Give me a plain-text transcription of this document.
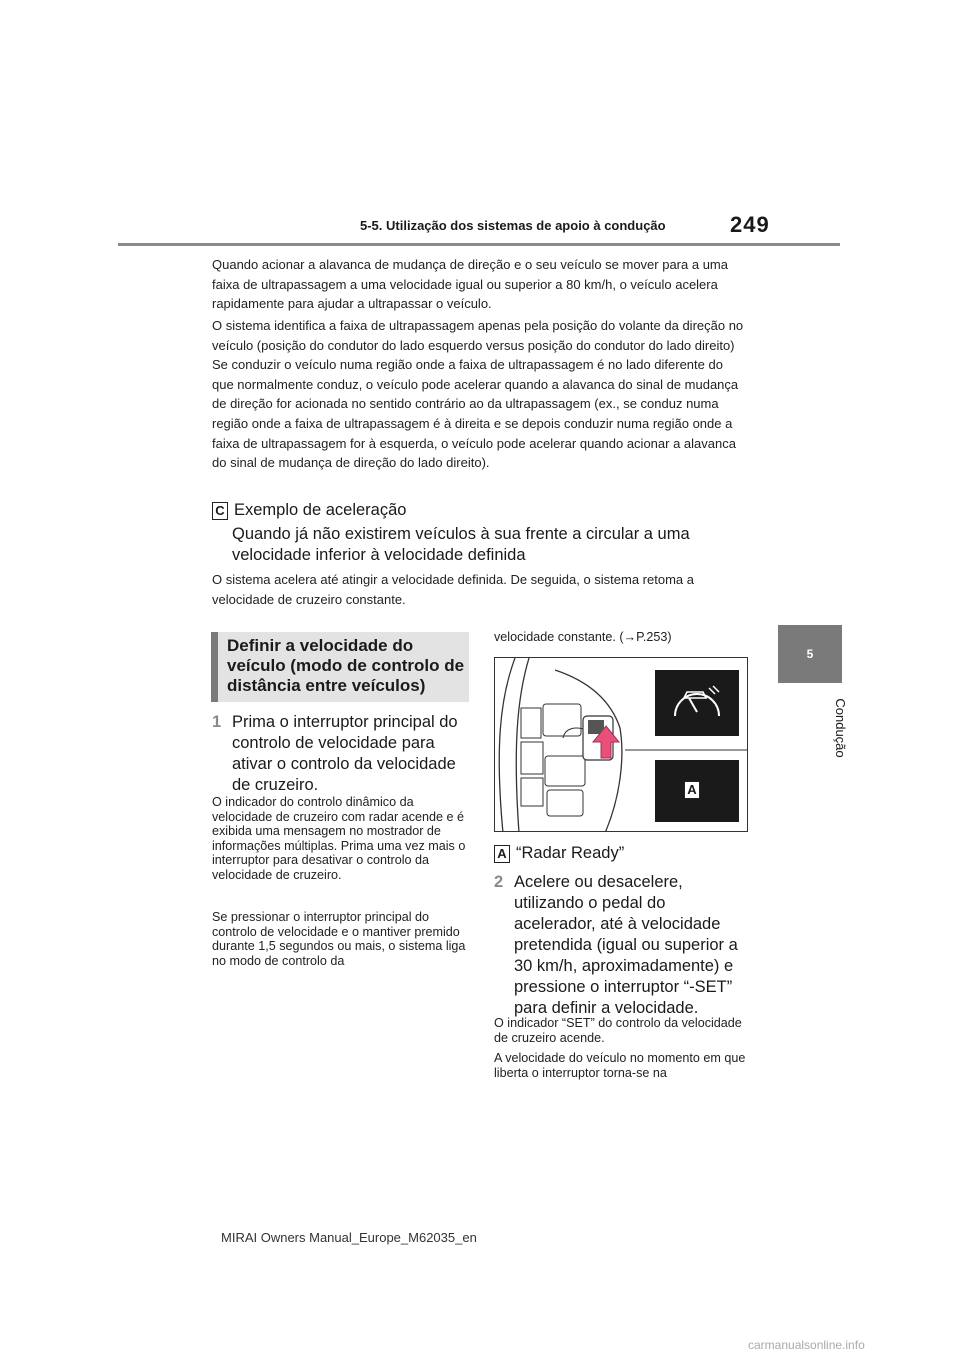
5-5. Utilização dos sistemas de apoio à condução	249
5
Condução
Quando acionar a alavanca de mudança de direção e o seu veículo se mover para a uma faixa de ultrapassagem a uma velocidade igual ou superior a 80 km/h, o veículo acelera rapidamente para ajudar a ultrapassar o veículo.
O sistema identifica a faixa de ultrapassagem apenas pela posição do volante da direção no veículo (posição do condutor do lado esquerdo versus posição do condutor do lado direito) Se conduzir o veículo numa região onde a faixa de ultrapassagem é no lado diferente do que normalmente conduz, o veículo pode acelerar quando a alavanca do sinal de mudança de direção for acionada no sentido contrário ao da ultrapassagem (ex., se conduz numa região onde a faixa de ultrapassagem é à direita e se depois conduzir numa região onde a faixa de ultrapassagem for à esquerda, o veículo pode acelerar quando acionar a alavanca do sinal de mudança de direção do lado direito).
C Exemplo de aceleração
Quando já não existirem veículos à sua frente a circular a uma velocidade inferior à velocidade definida
O sistema acelera até atingir a velocidade definida. De seguida, o sistema retoma a velocidade de cruzeiro constante.
Definir a velocidade do veículo (modo de controlo de distância entre veículos)
1 Prima o interruptor principal do controlo de velocidade para ativar o controlo da velocidade de cruzeiro.
O indicador do controlo dinâmico da velocidade de cruzeiro com radar acende e é exibida uma mensagem no mostrador de informações múltiplas. Prima uma vez mais o interruptor para desativar o controlo da velocidade de cruzeiro.
Se pressionar o interruptor principal do controlo de velocidade e o mantiver premido durante 1,5 segundos ou mais, o sistema liga no modo de controlo da
velocidade constante. (→P.253)
A
A “Radar Ready”
2 Acelere ou desacelere, utilizando o pedal do acelerador, até à velocidade pretendida (igual ou superior a 30 km/h, aproximadamente) e pressione o interruptor “-SET” para definir a velocidade.
O indicador “SET” do controlo da velocidade de cruzeiro acende.
A velocidade do veículo no momento em que liberta o interruptor torna-se na
MIRAI Owners Manual_Europe_M62035_en
carmanualsonline.info
